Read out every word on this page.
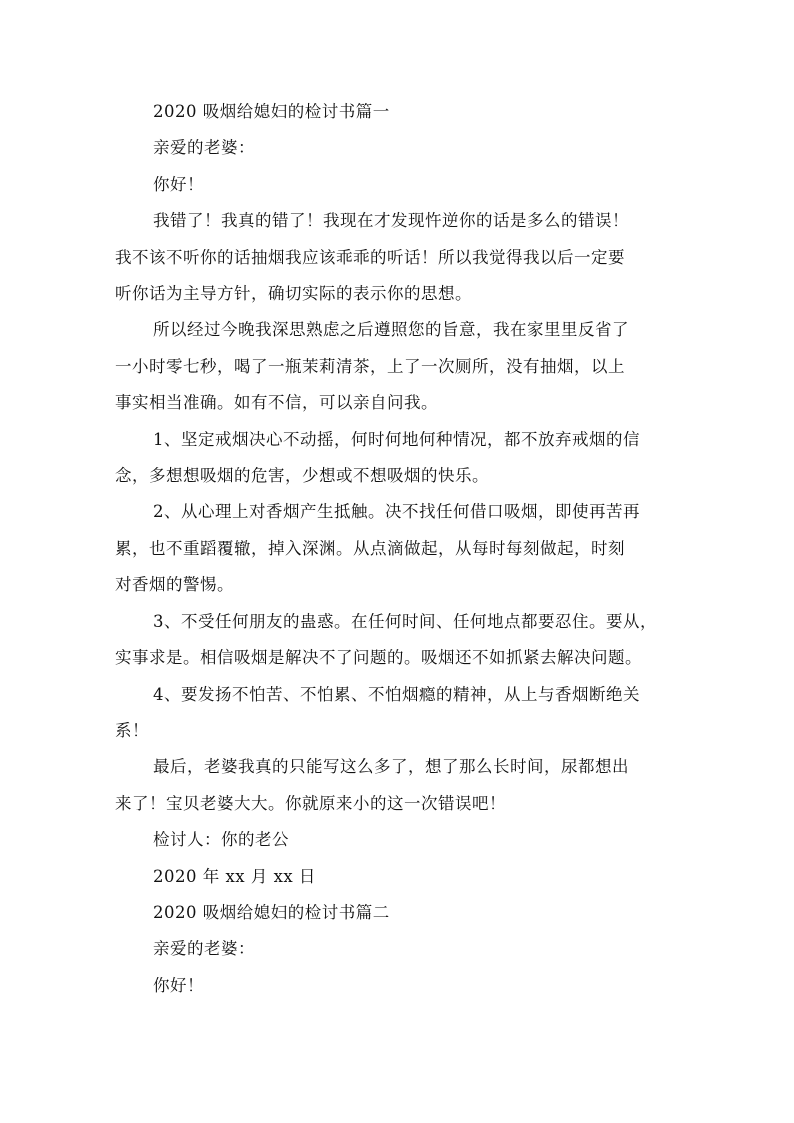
2020 吸烟给媳妇的检讨书篇一

亲爱的老婆：

你好！

我错了！我真的错了！我现在才发现忤逆你的话是多么的错误！

我不该不听你的话抽烟我应该乖乖的听话！所以我觉得我以后一定要

听你话为主导方针，确切实际的表示你的思想。

所以经过今晚我深思熟虑之后遵照您的旨意，我在家里里反省了

一小时零七秒，喝了一瓶茉莉清茶，上了一次厕所，没有抽烟，以上

事实相当准确。如有不信，可以亲自问我。

1、坚定戒烟决心不动摇，何时何地何种情况，都不放弃戒烟的信

念，多想想吸烟的危害，少想或不想吸烟的快乐。

2、从心理上对香烟产生抵触。决不找任何借口吸烟，即使再苦再

累，也不重蹈覆辙，掉入深渊。从点滴做起，从每时每刻做起，时刻

对香烟的警惕。

3、不受任何朋友的蛊惑。在任何时间、任何地点都要忍住。要从，

实事求是。相信吸烟是解决不了问题的。吸烟还不如抓紧去解决问题。

4、要发扬不怕苦、不怕累、不怕烟瘾的精神，从上与香烟断绝关

系！

最后，老婆我真的只能写这么多了，想了那么长时间，尿都想出

来了！宝贝老婆大大。你就原来小的这一次错误吧！

检讨人：你的老公

2020 年 xx 月 xx 日

2020 吸烟给媳妇的检讨书篇二

亲爱的老婆：

你好！
